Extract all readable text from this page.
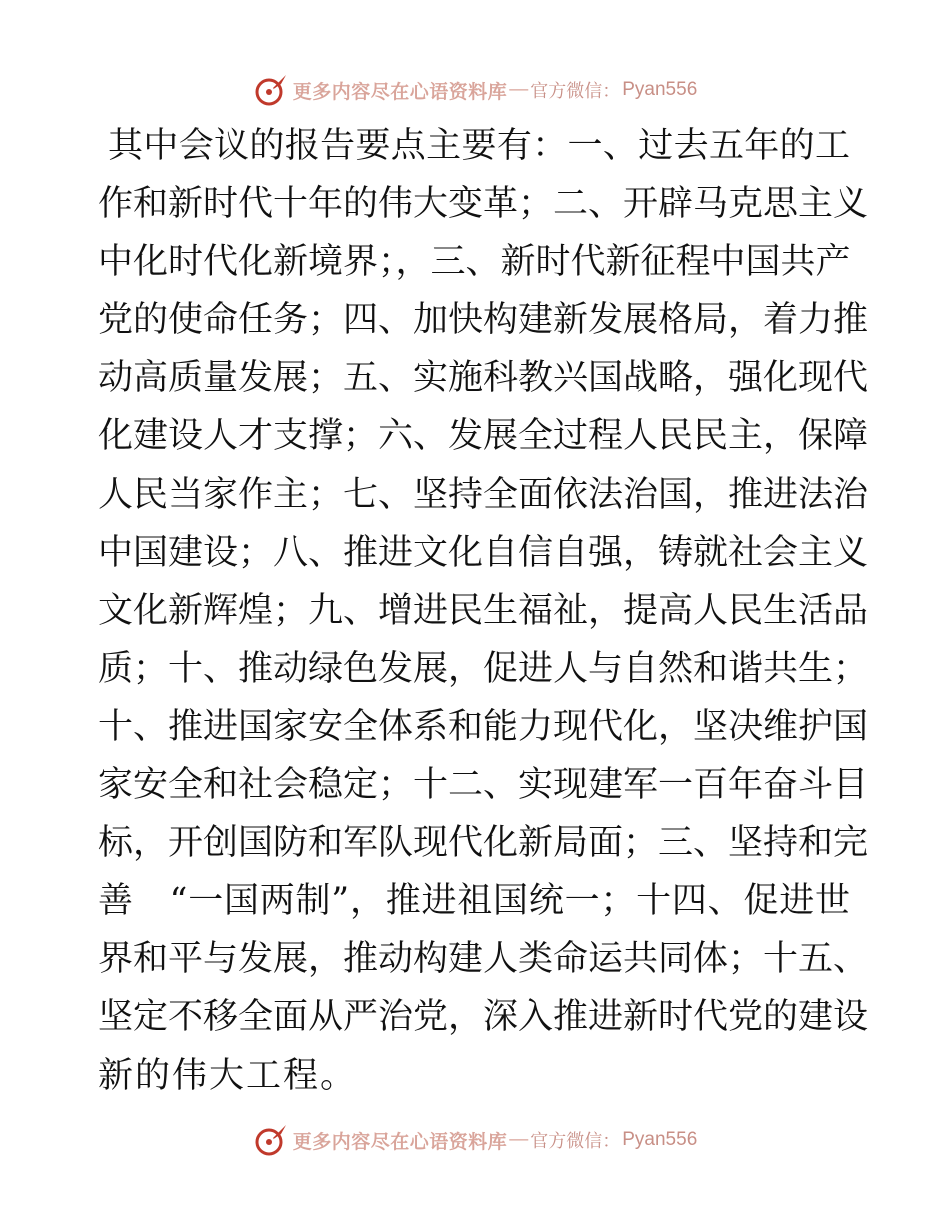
更多内容尽在心语资料库 — 官方微信： Pyan556
其中会议的报告要点主要有：一、过去五年的工
作和新时代十年的伟大变革；二、开辟马克思主义
中化时代化新境界；，三、新时代新征程中国共产
党的使命任务；四、加快构建新发展格局，着力推
动高质量发展；五、实施科教兴国战略，强化现代
化建设人才支撑；六、发展全过程人民民主，保障
人民当家作主；七、坚持全面依法治国，推进法治
中国建设；八、推进文化自信自强，铸就社会主义
文化新辉煌；九、增进民生福祉，提高人民生活品
质；十、推动绿色发展，促进人与自然和谐共生；
十、推进国家安全体系和能力现代化，坚决维护国
家安全和社会稳定；十二、实现建军一百年奋斗目
标，开创国防和军队现代化新局面；三、坚持和完
善　“一国两制”，推进祖国统一；十四、促进世
界和平与发展，推动构建人类命运共同体；十五、
坚定不移全面从严治党，深入推进新时代党的建设
新的伟大工程。
更多内容尽在心语资料库 — 官方微信： Pyan556
